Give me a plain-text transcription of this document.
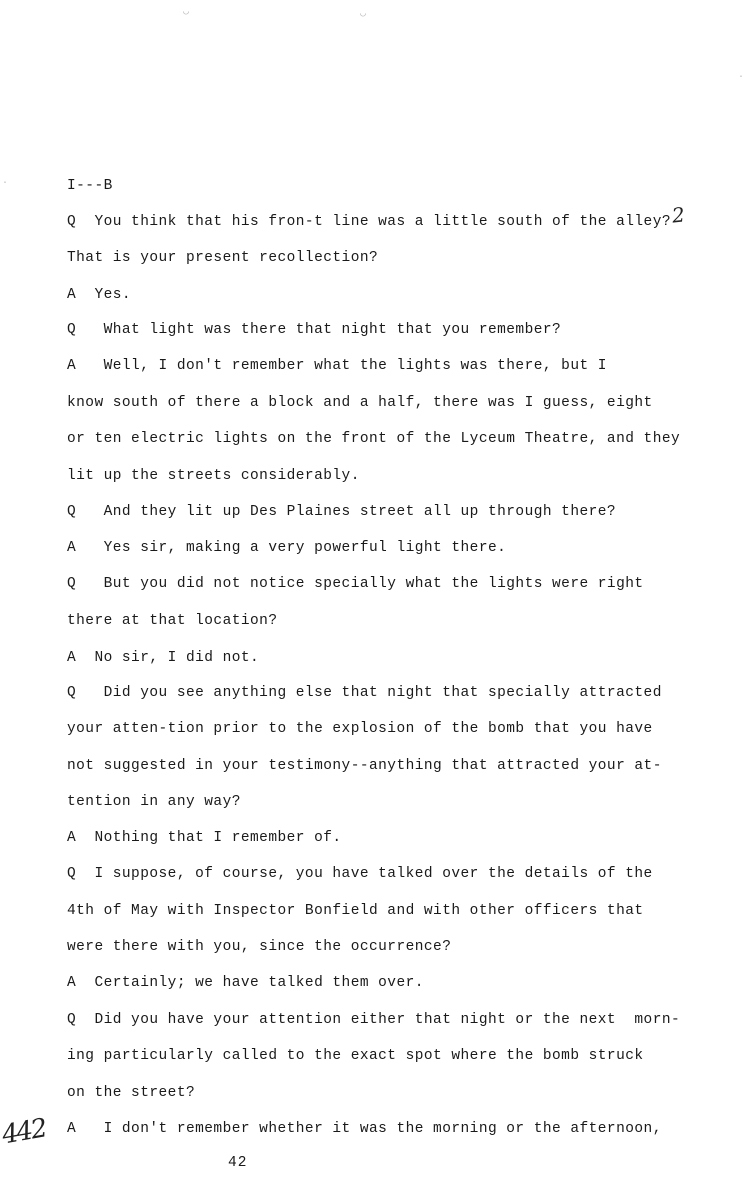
I---B
Q  You think that his fron-t line was a little south of the alley?
That is your present recollection?
A  Yes.
Q   What light was there that night that you remember?
A   Well, I don't remember what the lights was there, but I
know south of there a block and a half, there was I guess, eight
or ten electric lights on the front of the Lyceum Theatre, and they
lit up the streets considerably.
Q   And they lit up Des Plaines street all up through there?
A   Yes sir, making a very powerful light there.
Q   But you did not notice specially what the lights were right
there at that location?
A  No sir, I did not.
Q   Did you see anything else that night that specially attracted
your atten-tion prior to the explosion of the bomb that you have
not suggested in your testimony--anything that attracted your at-
tention in any way?
A  Nothing that I remember of.
Q  I suppose, of course, you have talked over the details of the
4th of May with Inspector Bonfield and with other officers that
were there with you, since the occurrence?
A  Certainly; we have talked them over.
Q  Did you have your attention either that night or the next  morn-
ing particularly called to the exact spot where the bomb struck
on the street?
A   I don't remember whether it was the morning or the afternoon,
2
442
42
◡	◡
·
·
